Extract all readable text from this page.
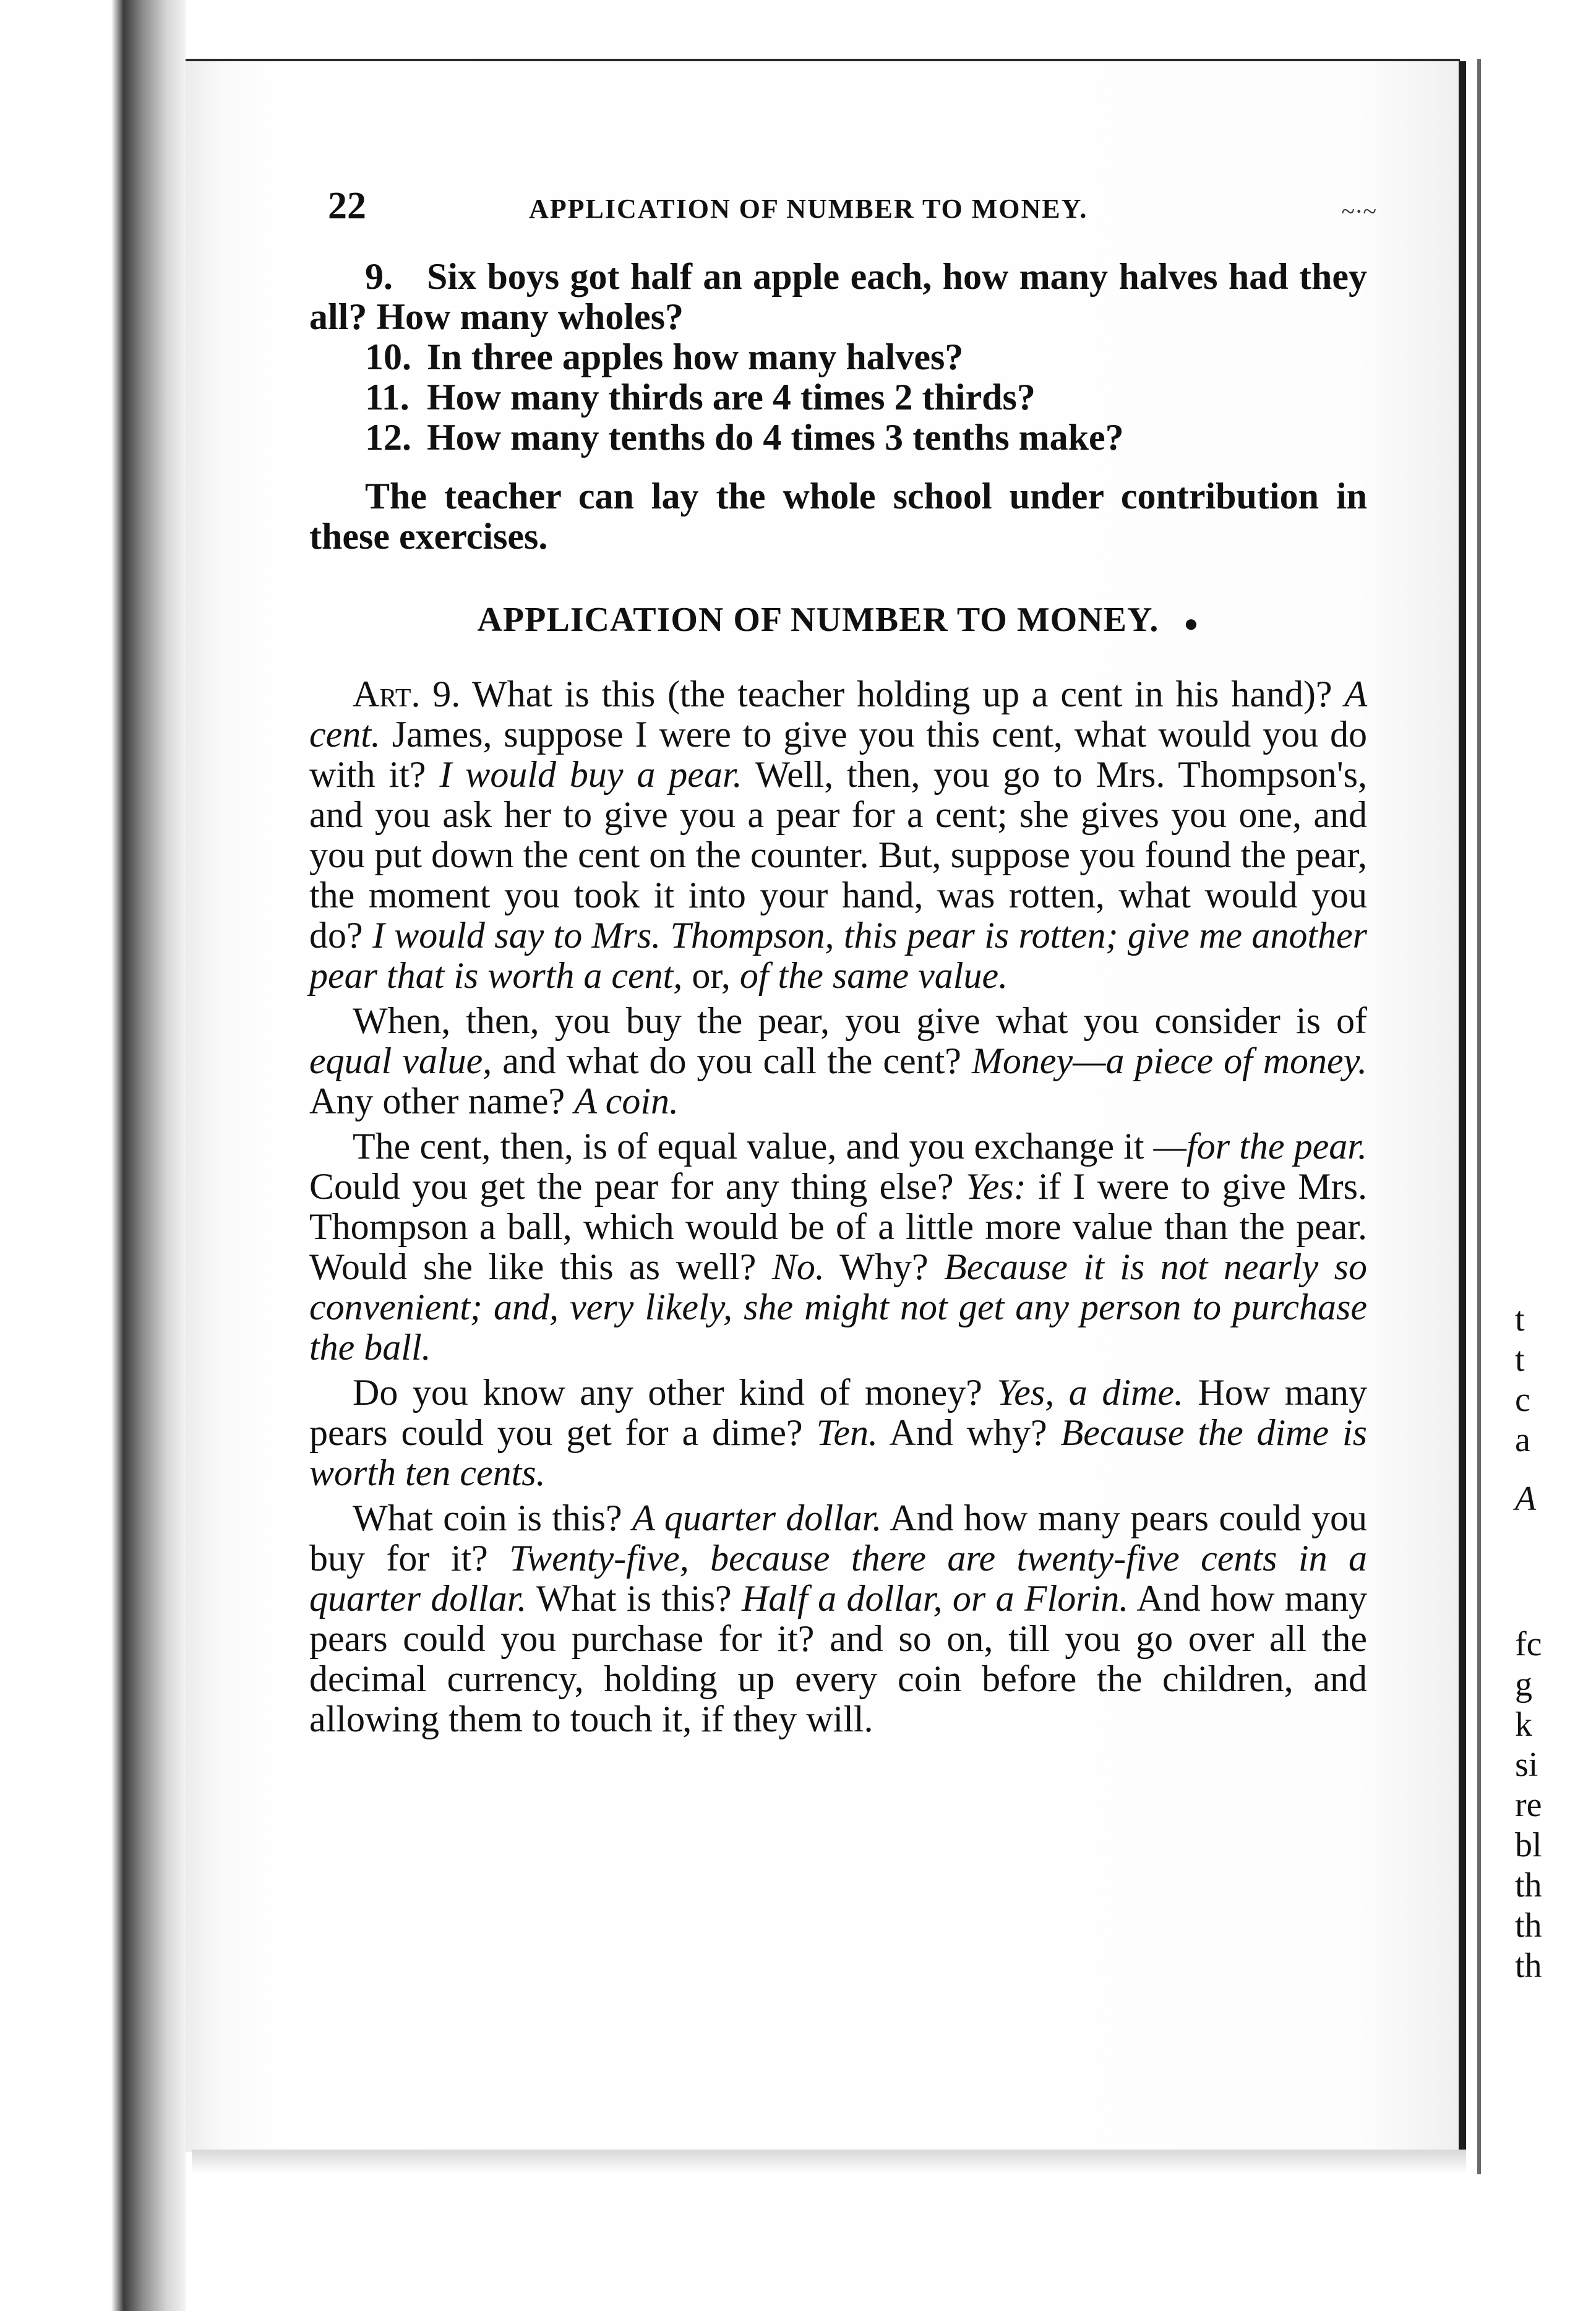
t
t
c
a
A
fc
g
k
si
re
bl
th
th
th
22	APPLICATION OF NUMBER TO MONEY.	~·~

9. Six boys got half an apple each, how many halves had they all? How many wholes?

10. In three apples how many halves?

11. How many thirds are 4 times 2 thirds?

12. How many tenths do 4 times 3 tenths make?

The teacher can lay the whole school under contribution in these exercises.

APPLICATION OF NUMBER TO MONEY. ●

Art. 9. What is this (the teacher holding up a cent in his hand)? A cent. James, suppose I were to give you this cent, what would you do with it? I would buy a pear. Well, then, you go to Mrs. Thompson's, and you ask her to give you a pear for a cent; she gives you one, and you put down the cent on the counter. But, suppose you found the pear, the moment you took it into your hand, was rotten, what would you do? I would say to Mrs. Thompson, this pear is rotten; give me another pear that is worth a cent, or, of the same value.

When, then, you buy the pear, you give what you consider is of equal value, and what do you call the cent? Money—a piece of money. Any other name? A coin.

The cent, then, is of equal value, and you exchange it —for the pear. Could you get the pear for any thing else? Yes: if I were to give Mrs. Thompson a ball, which would be of a little more value than the pear. Would she like this as well? No. Why? Because it is not nearly so convenient; and, very likely, she might not get any person to purchase the ball.

Do you know any other kind of money? Yes, a dime. How many pears could you get for a dime? Ten. And why? Because the dime is worth ten cents.

What coin is this? A quarter dollar. And how many pears could you buy for it? Twenty-five, because there are twenty-five cents in a quarter dollar. What is this? Half a dollar, or a Florin. And how many pears could you purchase for it? and so on, till you go over all the decimal currency, holding up every coin before the children, and allowing them to touch it, if they will.
